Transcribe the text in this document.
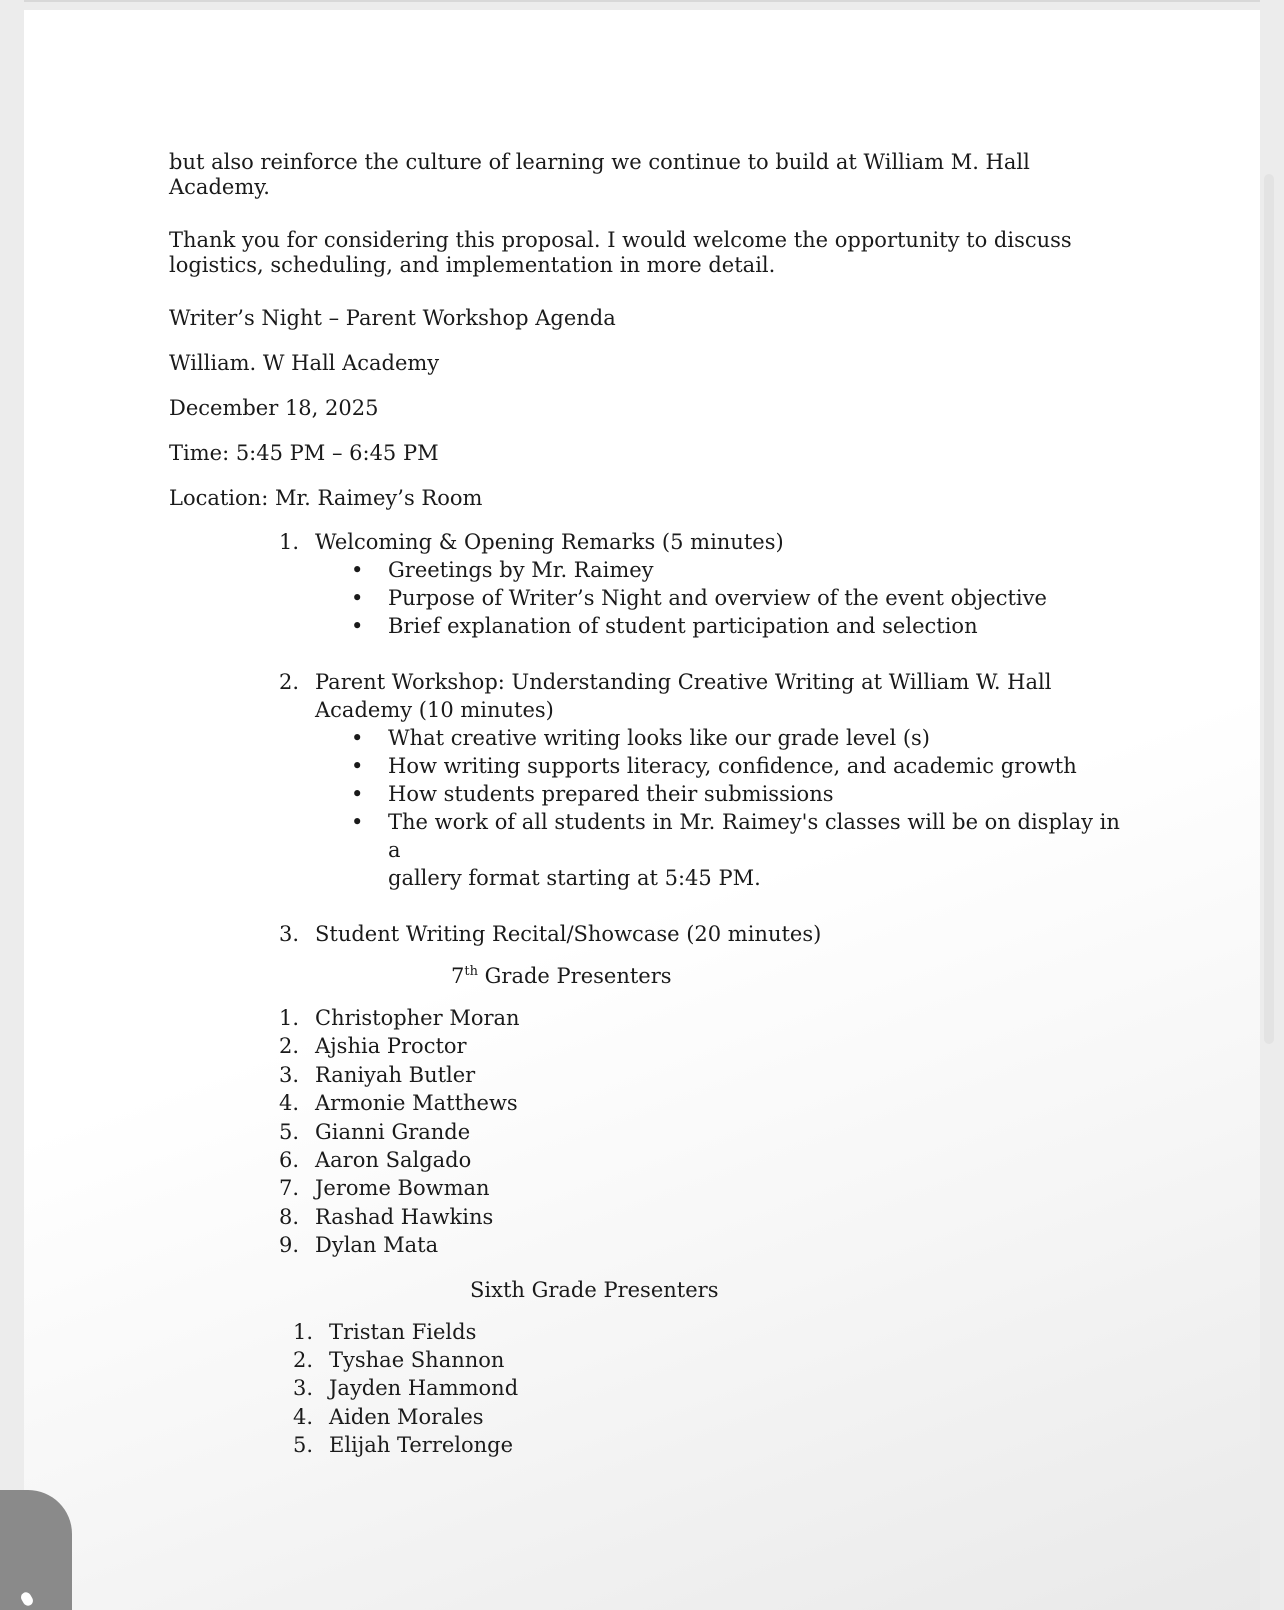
but also reinforce the culture of learning we continue to build at William M. Hall
Academy.

Thank you for considering this proposal. I would welcome the opportunity to discuss
logistics, scheduling, and implementation in more detail.

Writer’s Night – Parent Workshop Agenda
William. W Hall Academy
December 18, 2025
Time: 5:45 PM – 6:45 PM
Location: Mr. Raimey’s Room
1. Welcoming & Opening Remarks (5 minutes)
• Greetings by Mr. Raimey
• Purpose of Writer’s Night and overview of the event objective
• Brief explanation of student participation and selection
2. Parent Workshop: Understanding Creative Writing at William W. Hall
Academy (10 minutes)
• What creative writing looks like our grade level (s)
• How writing supports literacy, confidence, and academic growth
• How students prepared their submissions
• The work of all students in Mr. Raimey's classes will be on display in a
gallery format starting at 5:45 PM.
3. Student Writing Recital/Showcase (20 minutes)
7th Grade Presenters
1. Christopher Moran
2. Ajshia Proctor
3. Raniyah Butler
4. Armonie Matthews
5. Gianni Grande
6. Aaron Salgado
7. Jerome Bowman
8. Rashad Hawkins
9. Dylan Mata
Sixth Grade Presenters
1. Tristan Fields
2. Tyshae Shannon
3. Jayden Hammond
4. Aiden Morales
5. Elijah Terrelonge
